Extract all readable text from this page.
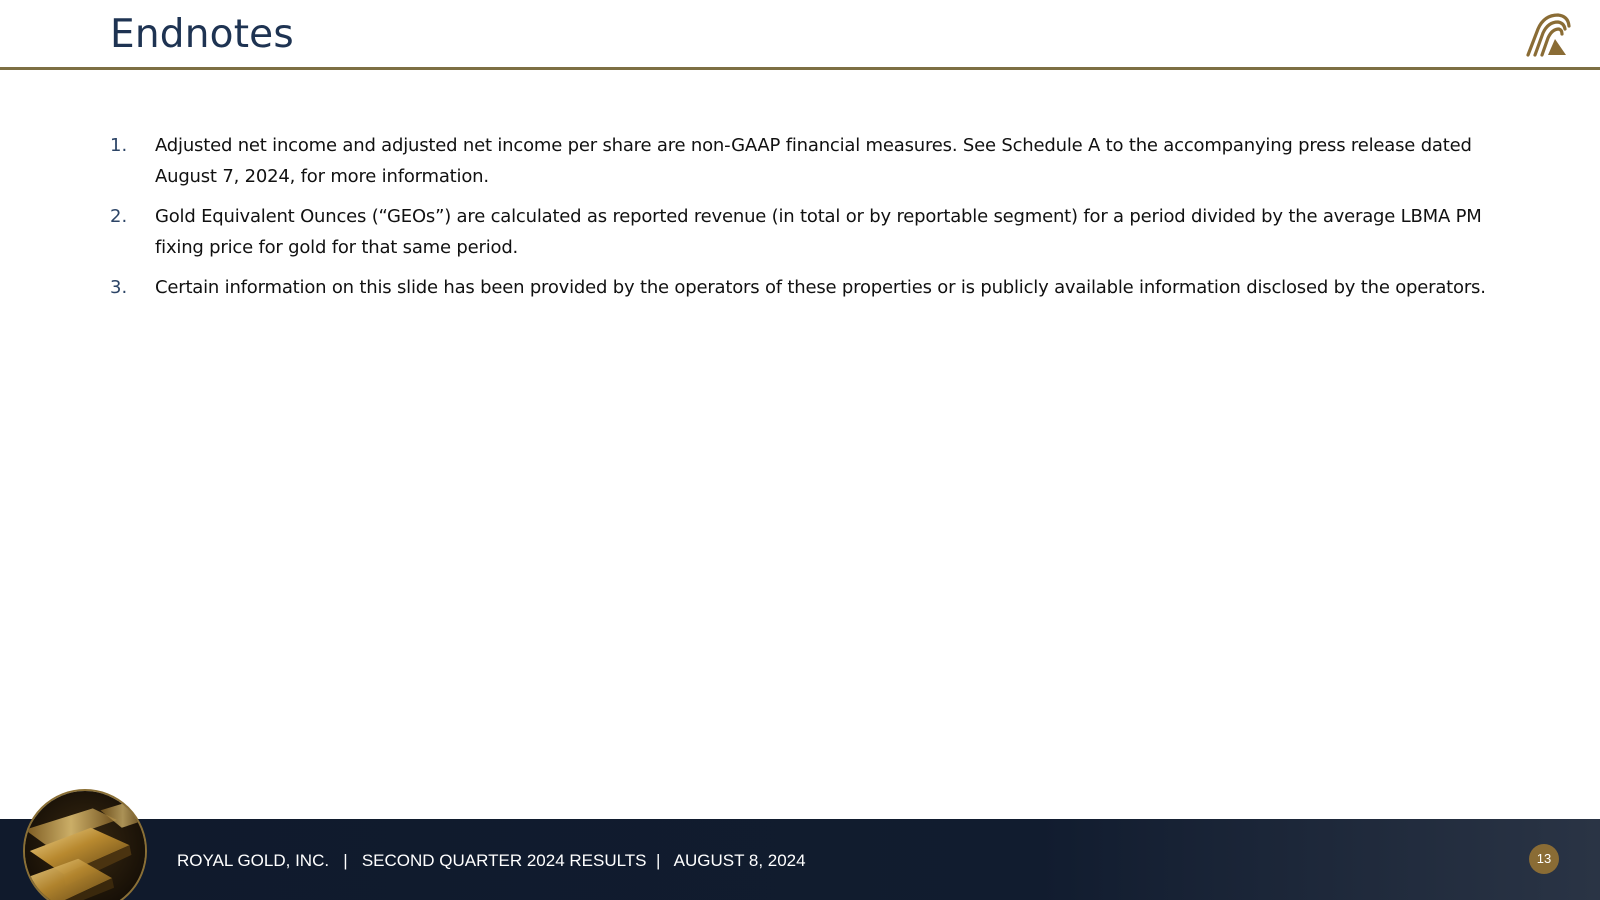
Endnotes
1. Adjusted net income and adjusted net income per share are non-GAAP financial measures. See Schedule A to the accompanying press release dated August 7, 2024, for more information.
2. Gold Equivalent Ounces (“GEOs”) are calculated as reported revenue (in total or by reportable segment) for a period divided by the average LBMA PM fixing price for gold for that same period.
3. Certain information on this slide has been provided by the operators of these properties or is publicly available information disclosed by the operators.
ROYAL GOLD, INC.   |   SECOND QUARTER 2024 RESULTS  |   AUGUST 8, 2024	13
